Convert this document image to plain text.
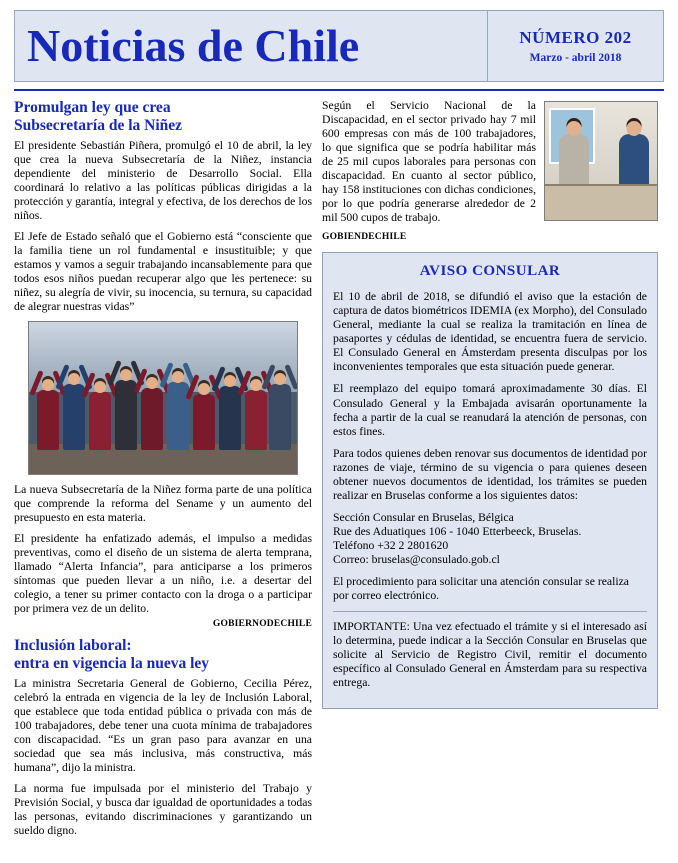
Noticias de Chile	NÚMERO 202
Marzo - abril 2018
Promulgan ley que crea
Subsecretaría de la Niñez

El presidente Sebastián Piñera, promulgó el 10 de abril, la ley que crea la nueva Subsecretaría de la Niñez, instancia dependiente del ministerio de Desarrollo Social. Ella coordinará lo relativo a las políticas públicas dirigidas a la protección y garantía, integral y efectiva, de los derechos de los niños.

El Jefe de Estado señaló que el Gobierno está “consciente que la familia tiene un rol fundamental e insustituible; y que estamos y vamos a seguir trabajando incansablemente para que todos esos niños puedan recuperar algo que les pertenece: su niñez, su alegría de vivir, su inocencia, su ternura, su capacidad de alegrar nuestras vidas”

La nueva Subsecretaría de la Niñez forma parte de una política que comprende la reforma del Sename y un aumento del presupuesto en esta materia.

El presidente ha enfatizado además, el impulso a medidas preventivas, como el diseño de un sistema de alerta temprana, llamado “Alerta Infancia”, para anticiparse a los primeros síntomas que pueden llevar a un niño, i.e. a desertar del colegio, a tener su primer contacto con la droga o a participar por primera vez de un delito.

GOBIERNODECHILE
Inclusión laboral:
entra en vigencia la nueva ley

La ministra Secretaria General de Gobierno, Cecilia Pérez, celebró la entrada en vigencia de la ley de Inclusión Laboral, que establece que toda entidad pública o privada con más de 100 trabajadores, debe tener una cuota mínima de trabajadores con discapacidad. “Es un gran paso para avanzar en una sociedad que sea más inclusiva, más constructiva, más humana”, dijo la ministra.

La norma fue impulsada por el ministerio del Trabajo y Previsión Social, y busca dar igualdad de oportunidades a todas las personas, evitando discriminaciones y garantizando un sueldo digno.

Según el Servicio Nacional de la Discapacidad, en el sector privado hay 7 mil 600 empresas con más de 100 trabajadores, lo que significa que se podría habilitar más de 25 mil cupos laborales para personas con discapacidad. En cuanto al sector público, hay 158 instituciones con dichas condiciones, por lo que podría generarse alrededor de 2 mil 500 cupos de trabajo.

GOBIENDECHILE
AVISO CONSULAR

El 10 de abril de 2018, se difundió el aviso que la estación de captura de datos biométricos IDEMIA (ex Morpho), del Consulado General, mediante la cual se realiza la tramitación en línea de pasaportes y cédulas de identidad, se encuentra fuera de servicio. El Consulado General en Ámsterdam presenta disculpas por los inconvenientes temporales que esta situación puede generar.

El reemplazo del equipo tomará aproximadamente 30 días. El Consulado General y la Embajada avisarán oportunamente la fecha a partir de la cual se reanudará la atención de personas, con estos fines.

Para todos quienes deben renovar sus documentos de identidad por razones de viaje, término de su vigencia o para quienes deseen obtener nuevos documentos de identidad, los trámites se pueden realizar en Bruselas conforme a los siguientes datos:

Sección Consular en Bruselas, Bélgica
Rue des Aduatiques 106 - 1040 Etterbeeck, Bruselas.
Teléfono +32 2 2801620
Correo: bruselas@consulado.gob.cl

El procedimiento para solicitar una atención consular se realiza por correo electrónico.

IMPORTANTE: Una vez efectuado el trámite y si el interesado así lo determina, puede indicar a la Sección Consular en Bruselas que solicite al Servicio de Registro Civil, remitir el documento específico al Consulado General en Ámsterdam para su respectiva entrega.
